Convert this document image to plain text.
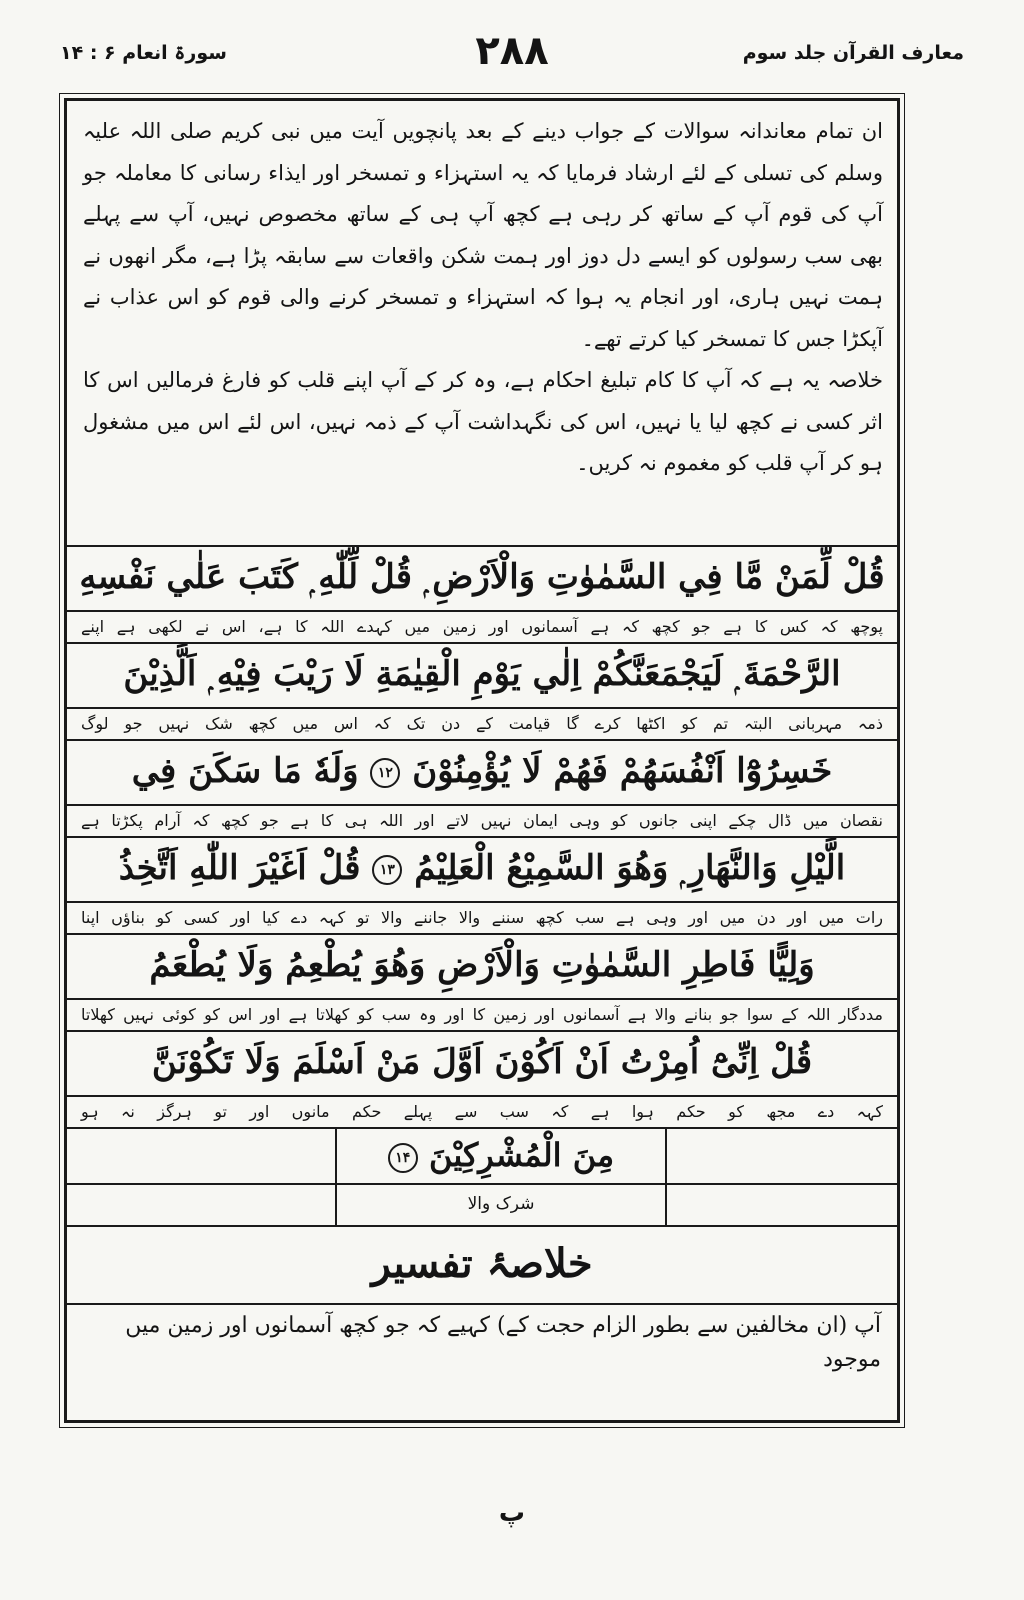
معارف القرآن جلد سوم
۲۸۸
سورۃ انعام ۶ : ۱۴

ان تمام معاندانہ سوالات کے جواب دینے کے بعد پانچویں آیت میں نبی کریم صلی اللہ علیہ وسلم کی تسلی کے لئے ارشاد فرمایا کہ یہ استہزاء و تمسخر اور ایذاء رسانی کا معاملہ جو آپ کی قوم آپ کے ساتھ کر رہی ہے کچھ آپ ہی کے ساتھ مخصوص نہیں، آپ سے پہلے بھی سب رسولوں کو ایسے دل دوز اور ہمت شکن واقعات سے سابقہ پڑا ہے، مگر انھوں نے ہمت نہیں ہاری، اور انجام یہ ہوا کہ استہزاء و تمسخر کرنے والی قوم کو اس عذاب نے آپکڑا جس کا تمسخر کیا کرتے تھے۔

خلاصہ یہ ہے کہ آپ کا کام تبلیغ احکام ہے، وہ کر کے آپ اپنے قلب کو فارغ فرمالیں اس کا اثر کسی نے کچھ لیا یا نہیں، اس کی نگہداشت آپ کے ذمہ نہیں، اس لئے اس میں مشغول ہو کر آپ قلب کو مغموم نہ کریں۔

قُلْ لِّمَنْ مَّا فِي السَّمٰوٰتِ وَالْاَرْضِ ۭ قُلْ لِّلّٰهِ ۭ كَتَبَ عَلٰي نَفْسِهِ
پوچھ کہ کس کا ہے جو کچھ کہ ہے آسمانوں اور زمین میں کہدے اللہ کا ہے، اس نے لکھی ہے اپنے
الرَّحْمَةَ ۭ لَيَجْمَعَنَّكُمْ اِلٰي يَوْمِ الْقِيٰمَةِ لَا رَيْبَ فِيْهِ ۭ اَلَّذِيْنَ
ذمہ مہربانی البتہ تم کو اکٹھا کرے گا قیامت کے دن تک کہ اس میں کچھ شک نہیں جو لوگ
خَسِرُوْٓا اَنْفُسَهُمْ فَهُمْ لَا يُؤْمِنُوْنَ ۱۲ وَلَهٗ مَا سَكَنَ فِي
نقصان میں ڈال چکے اپنی جانوں کو وہی ایمان نہیں لاتے اور اللہ ہی کا ہے جو کچھ کہ آرام پکڑتا ہے
الَّيْلِ وَالنَّهَارِ ۭ وَهُوَ السَّمِيْعُ الْعَلِيْمُ ۱۳ قُلْ اَغَيْرَ اللّٰهِ اَتَّخِذُ
رات میں اور دن میں اور وہی ہے سب کچھ سننے والا جاننے والا تو کہہ دے کیا اور کسی کو بناؤں اپنا
وَلِيًّا فَاطِرِ السَّمٰوٰتِ وَالْاَرْضِ وَهُوَ يُطْعِمُ وَلَا يُطْعَمُ
مددگار اللہ کے سوا جو بنانے والا ہے آسمانوں اور زمین کا اور وہ سب کو کھلاتا ہے اور اس کو کوئی نہیں کھلاتا
قُلْ اِنِّىْٓ اُمِرْتُ اَنْ اَكُوْنَ اَوَّلَ مَنْ اَسْلَمَ وَلَا تَكُوْنَنَّ
کہہ دے مجھ کو حکم ہوا ہے کہ سب سے پہلے حکم مانوں اور تو ہرگز نہ ہو
مِنَ الْمُشْرِكِيْنَ ۱۴
شرک والا
خلاصۂ تفسیر
آپ (ان مخالفین سے بطور الزام حجت کے) کہیے کہ جو کچھ آسمانوں اور زمین میں موجود
پ
